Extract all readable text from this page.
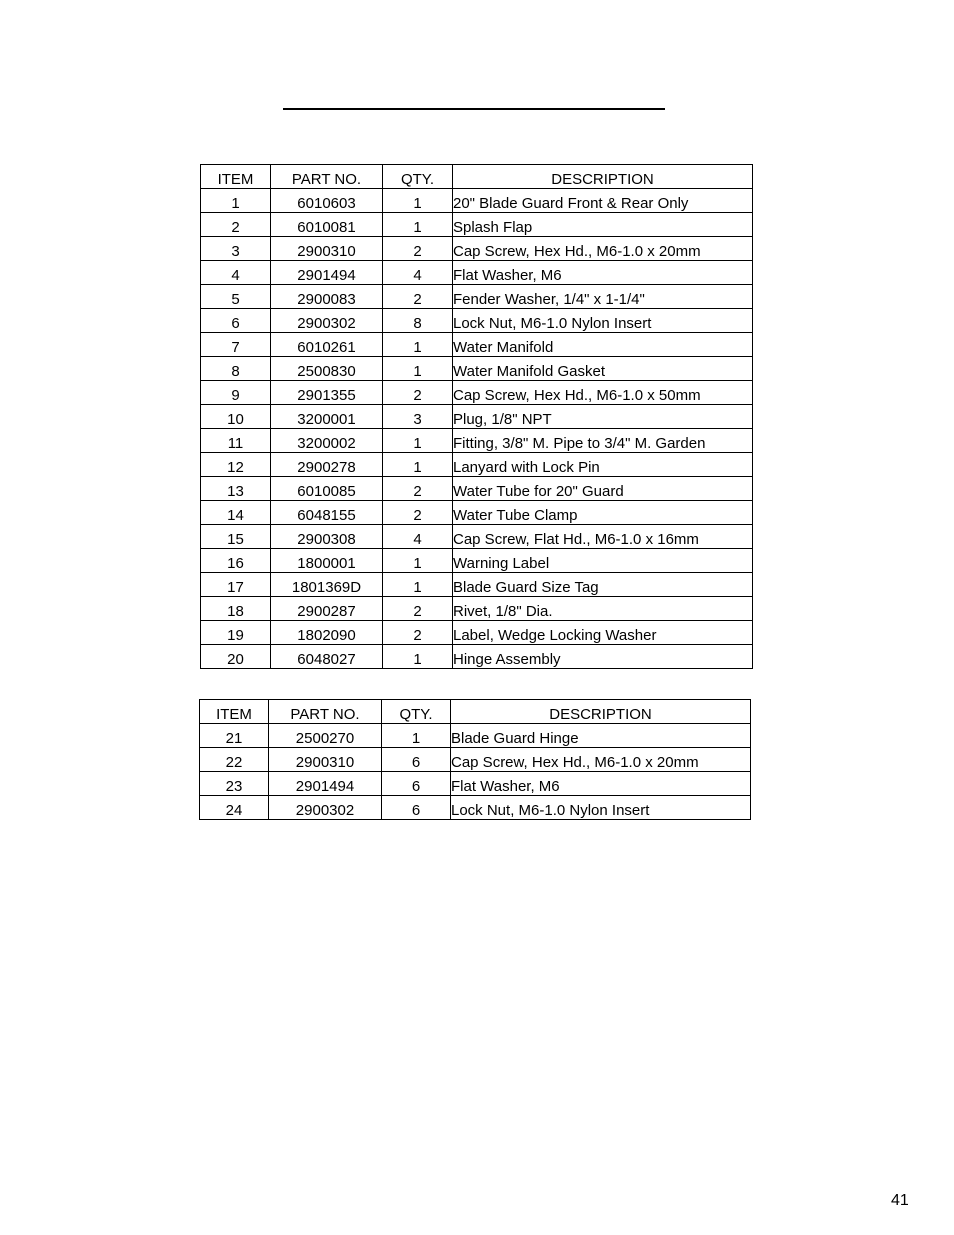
ITEM	PART NO.	QTY.	DESCRIPTION
1	6010603	1	20" Blade Guard Front & Rear Only
2	6010081	1	Splash Flap
3	2900310	2	Cap Screw, Hex Hd., M6-1.0 x 20mm
4	2901494	4	Flat Washer, M6
5	2900083	2	Fender Washer, 1/4" x 1-1/4"
6	2900302	8	Lock Nut, M6-1.0 Nylon Insert
7	6010261	1	Water Manifold
8	2500830	1	Water Manifold Gasket
9	2901355	2	Cap Screw, Hex Hd., M6-1.0 x 50mm
10	3200001	3	Plug, 1/8" NPT
11	3200002	1	Fitting, 3/8" M. Pipe to 3/4" M. Garden
12	2900278	1	Lanyard with Lock Pin
13	6010085	2	Water Tube for 20" Guard
14	6048155	2	Water Tube Clamp
15	2900308	4	Cap Screw, Flat Hd., M6-1.0 x 16mm
16	1800001	1	Warning Label
17	1801369D	1	Blade Guard Size Tag
18	2900287	2	Rivet, 1/8" Dia.
19	1802090	2	Label, Wedge Locking Washer
20	6048027	1	Hinge Assembly
ITEM	PART NO.	QTY.	DESCRIPTION
21	2500270	1	Blade Guard Hinge
22	2900310	6	Cap Screw, Hex Hd., M6-1.0 x 20mm
23	2901494	6	Flat Washer, M6
24	2900302	6	Lock Nut, M6-1.0 Nylon Insert
41
